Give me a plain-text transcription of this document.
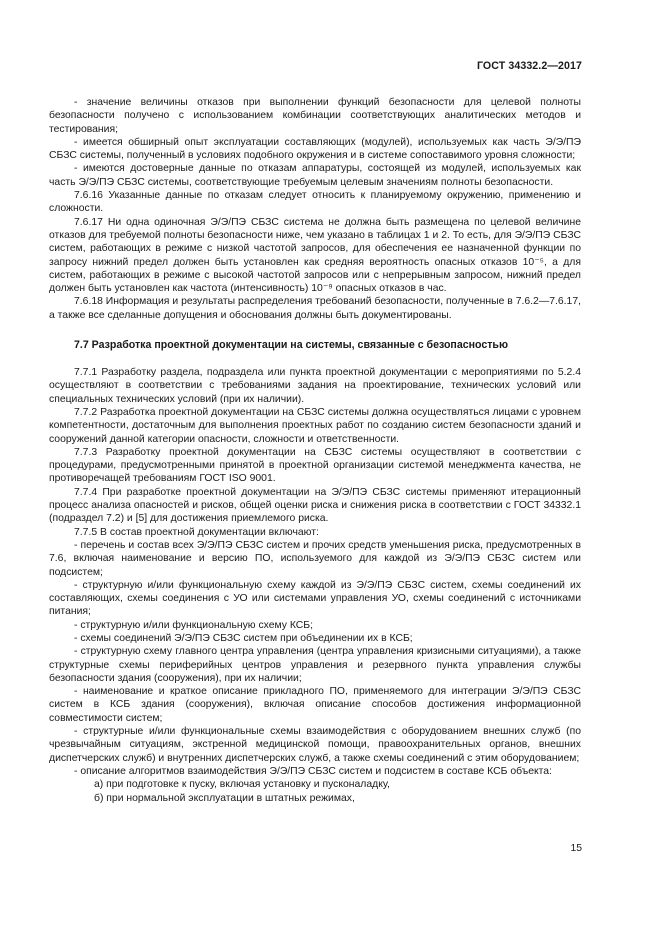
ГОСТ 34332.2—2017

- значение величины отказов при выполнении функций безопасности для целевой полноты безопасности получено с использованием комбинации соответствующих аналитических методов и тестирования;

- имеется обширный опыт эксплуатации составляющих (модулей), используемых как часть Э/Э/ПЭ СБЗС системы, полученный в условиях подобного окружения и в системе сопоставимого уровня сложности;

- имеются достоверные данные по отказам аппаратуры, состоящей из модулей, используемых как часть Э/Э/ПЭ СБЗС системы, соответствующие требуемым целевым значениям полноты безопасности.

7.6.16 Указанные данные по отказам следует относить к планируемому окружению, применению и сложности.

7.6.17 Ни одна одиночная Э/Э/ПЭ СБЗС система не должна быть размещена по целевой величине отказов для требуемой полноты безопасности ниже, чем указано в таблицах 1 и 2. То есть, для Э/Э/ПЭ СБЗС систем, работающих в режиме с низкой частотой запросов, для обеспечения ее назначенной функции по запросу нижний предел должен быть установлен как средняя вероятность опасных отказов 10⁻⁵, а для систем, работающих в режиме с высокой частотой запросов или с непрерывным запросом, нижний предел должен быть установлен как частота (интенсивность) 10⁻⁹ опасных отказов в час.

7.6.18 Информация и результаты распределения требований безопасности, полученные в 7.6.2—7.6.17, а также все сделанные допущения и обоснования должны быть документированы.

7.7 Разработка проектной документации на системы, связанные с безопасностью

7.7.1 Разработку раздела, подраздела или пункта проектной документации с мероприятиями по 5.2.4 осуществляют в соответствии с требованиями задания на проектирование, технических условий или специальных технических условий (при их наличии).

7.7.2 Разработка проектной документации на СБЗС системы должна осуществляться лицами с уровнем компетентности, достаточным для выполнения проектных работ по созданию систем безопасности зданий и сооружений данной категории опасности, сложности и ответственности.

7.7.3 Разработку проектной документации на СБЗС системы осуществляют в соответствии с процедурами, предусмотренными принятой в проектной организации системой менеджмента качества, не противоречащей требованиям ГОСТ ISO 9001.

7.7.4 При разработке проектной документации на Э/Э/ПЭ СБЗС системы применяют итерационный процесс анализа опасностей и рисков, общей оценки риска и снижения риска в соответствии с ГОСТ 34332.1 (подраздел 7.2) и [5] для достижения приемлемого риска.

7.7.5 В состав проектной документации включают:

- перечень и состав всех Э/Э/ПЭ СБЗС систем и прочих средств уменьшения риска, предусмотренных в 7.6, включая наименование и версию ПО, используемого для каждой из Э/Э/ПЭ СБЗС систем или подсистем;

- структурную и/или функциональную схему каждой из Э/Э/ПЭ СБЗС систем, схемы соединений их составляющих, схемы соединения с УО или системами управления УО, схемы соединений с источниками питания;

- структурную и/или функциональную схему КСБ;

- схемы соединений Э/Э/ПЭ СБЗС систем при объединении их в КСБ;

- структурную схему главного центра управления (центра управления кризисными ситуациями), а также структурные схемы периферийных центров управления и резервного пункта управления службы безопасности здания (сооружения), при их наличии;

- наименование и краткое описание прикладного ПО, применяемого для интеграции Э/Э/ПЭ СБЗС систем в КСБ здания (сооружения), включая описание способов достижения информационной совместимости систем;

- структурные и/или функциональные схемы взаимодействия с оборудованием внешних служб (по чрезвычайным ситуациям, экстренной медицинской помощи, правоохранительных органов, внешних диспетчерских служб) и внутренних диспетчерских служб, а также схемы соединений с этим оборудованием;

- описание алгоритмов взаимодействия Э/Э/ПЭ СБЗС систем и подсистем в составе КСБ объекта:

а) при подготовке к пуску, включая установку и пусконаладку,

б) при нормальной эксплуатации в штатных режимах,

15
